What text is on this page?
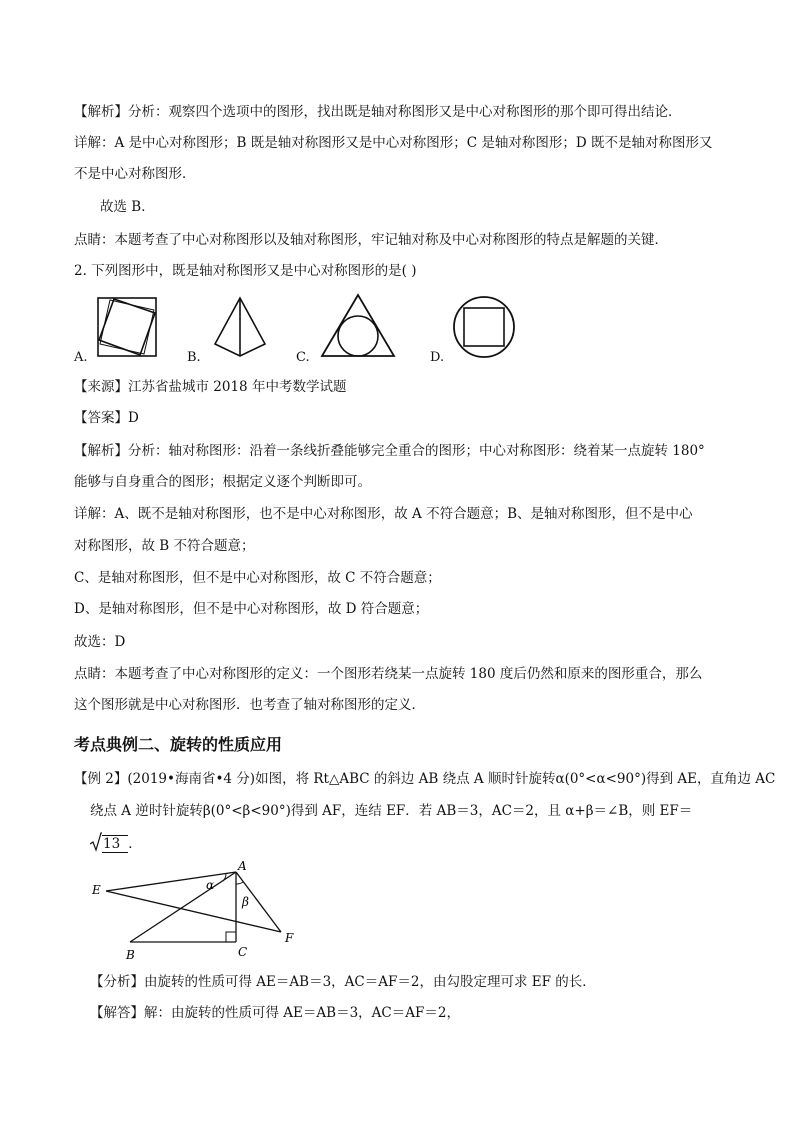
【解析】分析：观察四个选项中的图形，找出既是轴对称图形又是中心对称图形的那个即可得出结论．
详解：A 是中心对称图形；B 既是轴对称图形又是中心对称图形；C 是轴对称图形；D 既不是轴对称图形又
不是中心对称图形．
故选 B．
点睛：本题考查了中心对称图形以及轴对称图形，牢记轴对称及中心对称图形的特点是解题的关键．
2. 下列图形中，既是轴对称图形又是中心对称图形的是( )
A.	B.	C.	D.
【来源】江苏省盐城市 2018 年中考数学试题
【答案】D
【解析】分析：轴对称图形：沿着一条线折叠能够完全重合的图形；中心对称图形：绕着某一点旋转 180°
能够与自身重合的图形；根据定义逐个判断即可。
详解：A、既不是轴对称图形，也不是中心对称图形，故 A 不符合题意；B、是轴对称图形，但不是中心
对称图形，故 B 不符合题意；
C、是轴对称图形，但不是中心对称图形，故 C 不符合题意；
D、是轴对称图形，但不是中心对称图形，故 D 符合题意；
故选：D
点睛：本题考查了中心对称图形的定义：一个图形若绕某一点旋转 180 度后仍然和原来的图形重合，那么
这个图形就是中心对称图形．也考查了轴对称图形的定义．
考点典例二、旋转的性质应用
【例 2】(2019•海南省•4 分)如图，将 Rt△ABC 的斜边 AB 绕点 A 顺时针旋转α(0°<α<90°)得到 AE，直角边 AC
绕点 A 逆时针旋转β(0°<β<90°)得到 AF，连结 EF．若 AB＝3，AC＝2，且 α+β＝∠B，则 EF＝
13 ．
A
E
B	C
F
α
β
【分析】由旋转的性质可得 AE＝AB＝3，AC＝AF＝2，由勾股定理可求 EF 的长．
【解答】解：由旋转的性质可得 AE＝AB＝3，AC＝AF＝2，
